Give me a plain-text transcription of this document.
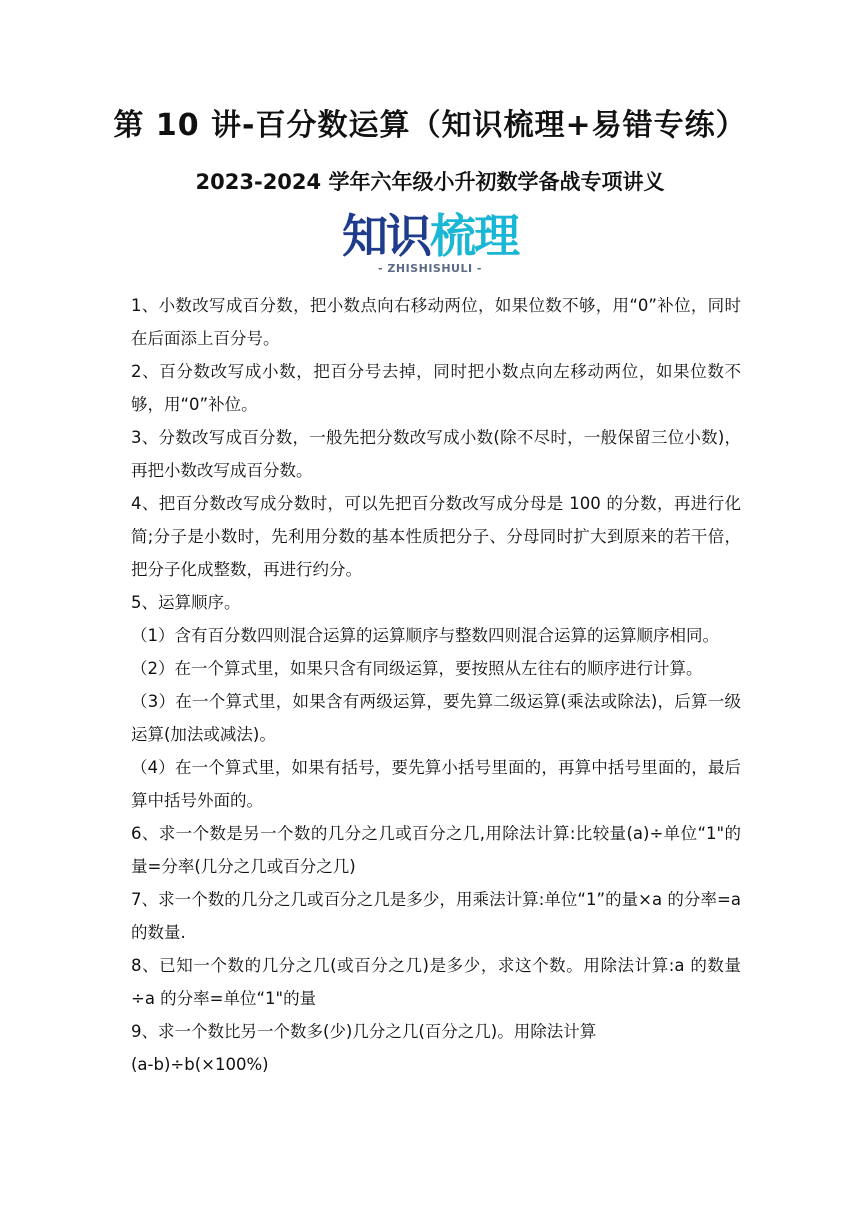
第 10 讲-百分数运算（知识梳理+易错专练）
2023-2024 学年六年级小升初数学备战专项讲义
知识梳理
- ZHISHISHULI -

1、小数改写成百分数，把小数点向右移动两位，如果位数不够，用“0”补位，同时在后面添上百分号。

2、百分数改写成小数，把百分号去掉，同时把小数点向左移动两位，如果位数不够，用“0”补位。

3、分数改写成百分数，一般先把分数改写成小数(除不尽时，一般保留三位小数)，再把小数改写成百分数。

4、把百分数改写成分数时，可以先把百分数改写成分母是 100 的分数，再进行化简;分子是小数时，先利用分数的基本性质把分子、分母同时扩大到原来的若干倍，把分子化成整数，再进行约分。

5、运算顺序。

（1）含有百分数四则混合运算的运算顺序与整数四则混合运算的运算顺序相同。

（2）在一个算式里，如果只含有同级运算，要按照从左往右的顺序进行计算。

（3）在一个算式里，如果含有两级运算，要先算二级运算(乘法或除法)，后算一级运算(加法或减法)。

（4）在一个算式里，如果有括号，要先算小括号里面的，再算中括号里面的，最后算中括号外面的。

6、求一个数是另一个数的几分之几或百分之几,用除法计算:比较量(a)÷单位“1"的量=分率(几分之几或百分之几)

7、求一个数的几分之几或百分之几是多少，用乘法计算:单位“1”的量×a 的分率=a 的数量.

8、已知一个数的几分之几(或百分之几)是多少，求这个数。用除法计算:a 的数量÷a 的分率=单位“1"的量

9、求一个数比另一个数多(少)几分之几(百分之几)。用除法计算

(a-b)÷b(×100%)
